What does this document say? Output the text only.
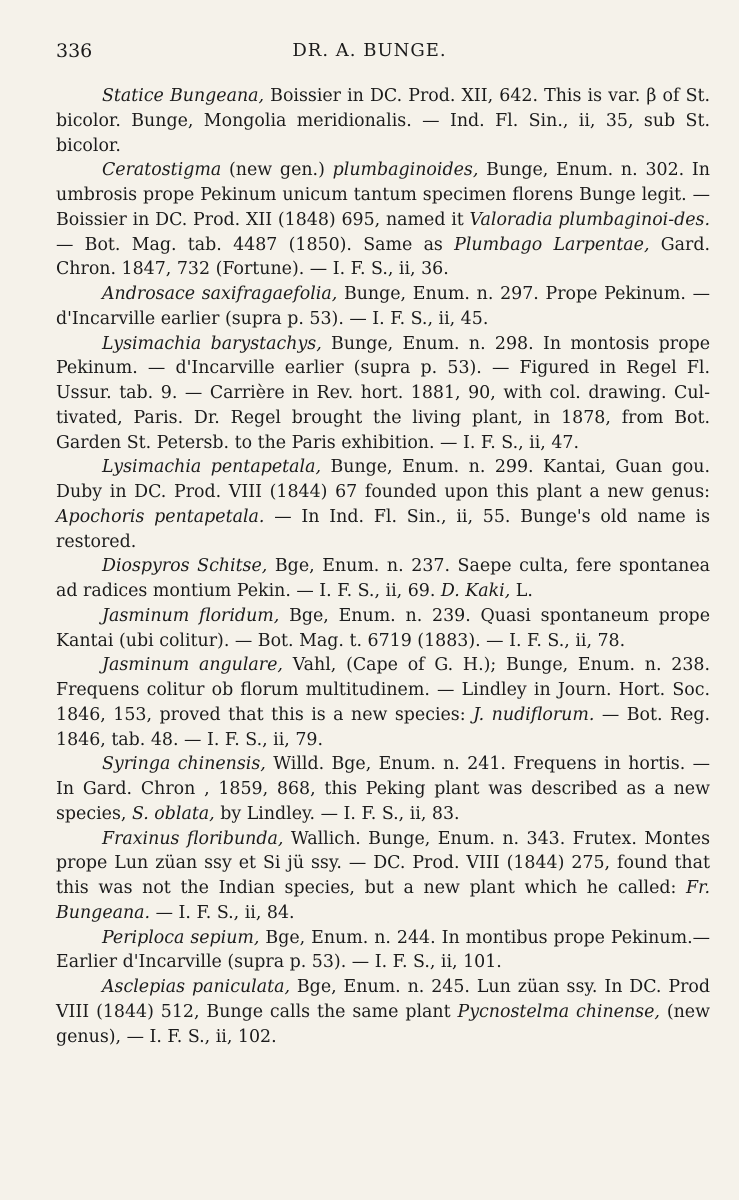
336	DR. A. BUNGE.

Statice Bungeana, Boissier in DC. Prod. XII, 642. This is var. β of St. bicolor. Bunge, Mongolia meridionalis. — Ind. Fl. Sin., ii, 35, sub St. bicolor.

Ceratostigma (new gen.) plumbaginoides, Bunge, Enum. n. 302. In umbrosis prope Pekinum unicum tantum specimen florens Bunge legit. — Boissier in DC. Prod. XII (1848) 695, named it Valoradia plumbaginoi-des. — Bot. Mag. tab. 4487 (1850). Same as Plumbago Larpentae, Gard. Chron. 1847, 732 (Fortune). — I. F. S., ii, 36.

Androsace saxifragaefolia, Bunge, Enum. n. 297. Prope Pekinum. — d'Incarville earlier (supra p. 53). — I. F. S., ii, 45.

Lysimachia barystachys, Bunge, Enum. n. 298. In montosis prope Pekinum. — d'Incarville earlier (supra p. 53). — Figured in Regel Fl. Ussur. tab. 9. — Carrière in Rev. hort. 1881, 90, with col. drawing. Cul-tivated, Paris. Dr. Regel brought the living plant, in 1878, from Bot. Garden St. Petersb. to the Paris exhibition. — I. F. S., ii, 47.

Lysimachia pentapetala, Bunge, Enum. n. 299. Kantai, Guan gou. Duby in DC. Prod. VIII (1844) 67 founded upon this plant a new genus: Apochoris pentapetala. — In Ind. Fl. Sin., ii, 55. Bunge's old name is restored.

Diospyros Schitse, Bge, Enum. n. 237. Saepe culta, fere spontanea ad radices montium Pekin. — I. F. S., ii, 69. D. Kaki, L.

Jasminum floridum, Bge, Enum. n. 239. Quasi spontaneum prope Kantai (ubi colitur). — Bot. Mag. t. 6719 (1883). — I. F. S., ii, 78.

Jasminum angulare, Vahl, (Cape of G. H.); Bunge, Enum. n. 238. Frequens colitur ob florum multitudinem. — Lindley in Journ. Hort. Soc. 1846, 153, proved that this is a new species: J. nudiflorum. — Bot. Reg. 1846, tab. 48. — I. F. S., ii, 79.

Syringa chinensis, Willd. Bge, Enum. n. 241. Frequens in hortis. — In Gard. Chron , 1859, 868, this Peking plant was described as a new species, S. oblata, by Lindley. — I. F. S., ii, 83.

Fraxinus floribunda, Wallich. Bunge, Enum. n. 343. Frutex. Montes prope Lun züan ssy et Si jü ssy. — DC. Prod. VIII (1844) 275, found that this was not the Indian species, but a new plant which he called: Fr. Bungeana. — I. F. S., ii, 84.

Periploca sepium, Bge, Enum. n. 244. In montibus prope Pekinum.— Earlier d'Incarville (supra p. 53). — I. F. S., ii, 101.

Asclepias paniculata, Bge, Enum. n. 245. Lun züan ssy. In DC. Prod VIII (1844) 512, Bunge calls the same plant Pycnostelma chinense, (new genus), — I. F. S., ii, 102.
